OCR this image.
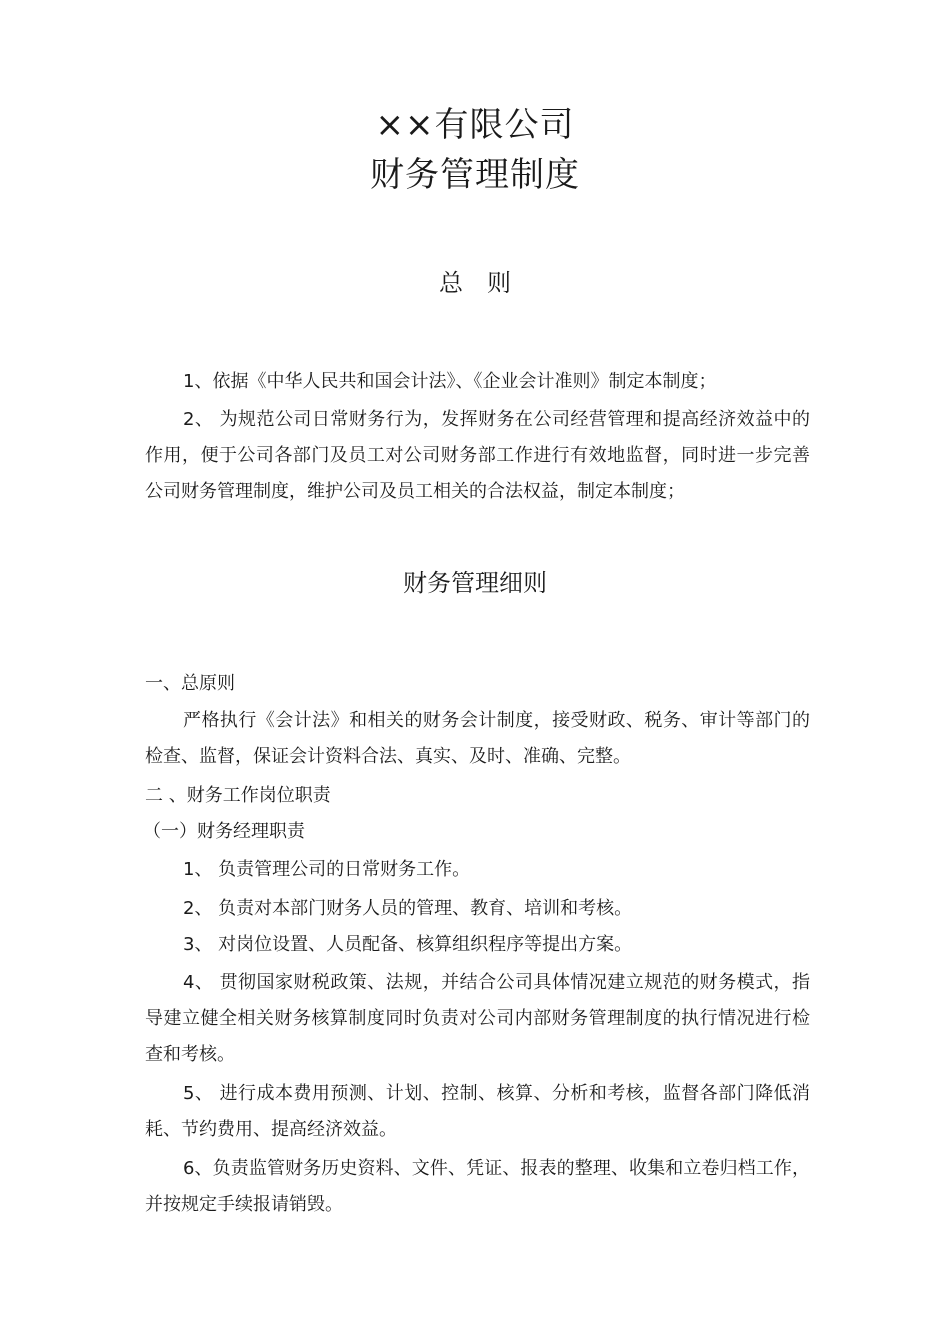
××有限公司
财务管理制度
总　则
1、依据《中华人民共和国会计法》、《企业会计准则》制定本制度；
2、 为规范公司日常财务行为，发挥财务在公司经营管理和提高经济效益中的作用，便于公司各部门及员工对公司财务部工作进行有效地监督，同时进一步完善公司财务管理制度，维护公司及员工相关的合法权益，制定本制度；
财务管理细则
一、总原则
严格执行《会计法》和相关的财务会计制度，接受财政、税务、审计等部门的检查、监督，保证会计资料合法、真实、及时、准确、完整。
二 、财务工作岗位职责
（一）财务经理职责
1、 负责管理公司的日常财务工作。
2、 负责对本部门财务人员的管理、教育、培训和考核。
3、 对岗位设置、人员配备、核算组织程序等提出方案。
4、 贯彻国家财税政策、法规，并结合公司具体情况建立规范的财务模式，指导建立健全相关财务核算制度同时负责对公司内部财务管理制度的执行情况进行检查和考核。
5、 进行成本费用预测、计划、控制、核算、分析和考核，监督各部门降低消耗、节约费用、提高经济效益。
6、负责监管财务历史资料、文件、凭证、报表的整理、收集和立卷归档工作，并按规定手续报请销毁。
